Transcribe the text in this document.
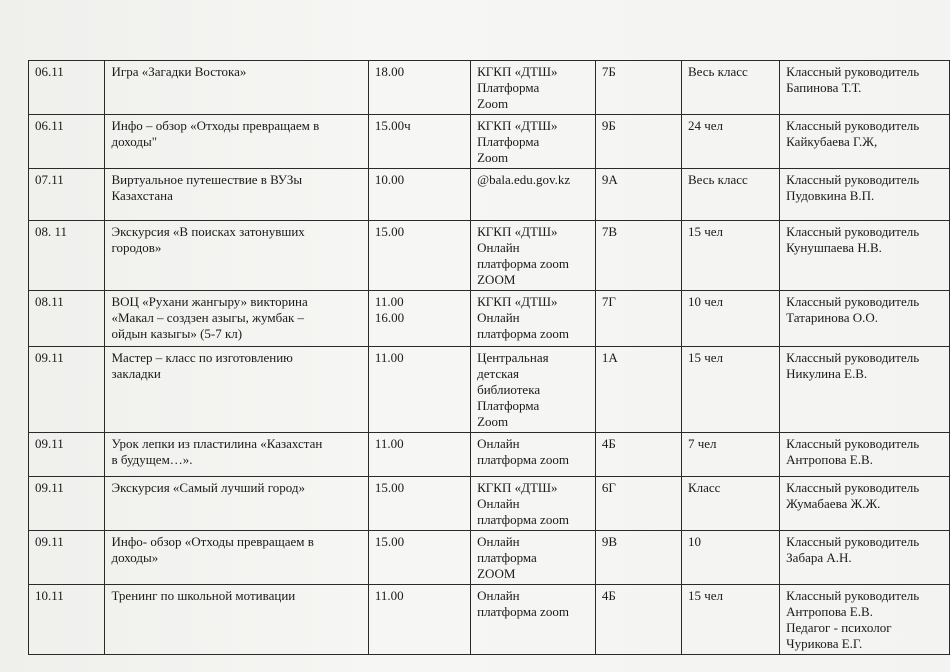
06.11	Игра «Загадки Востока»	18.00	КГКП «ДТШ»
Платформа
Zoom	7Б	Весь класс	Классный руководитель
Бапинова Т.Т.

06.11	Инфо – обзор «Отходы превращаем в
доходы"	15.00ч	КГКП «ДТШ»
Платформа
Zoom	9Б	24 чел	Классный руководитель
Кайкубаева Г.Ж,

07.11	Виртуальное путешествие в ВУЗы
Казахстана	10.00	@bala.edu.gov.kz	9А	Весь класс	Классный руководитель
Пудовкина В.П.

08. 11	Экскурсия «В поисках затонувших
городов»	15.00	КГКП «ДТШ»
Онлайн
платформа zoom
ZOOM	7В	15 чел	Классный руководитель
Кунушпаева Н.В.

08.11	ВОЦ «Рухани жангыру» викторина
«Макал – создзен азыгы, жумбак –
ойдын казыгы» (5-7 кл)	11.00
16.00	КГКП «ДТШ»
Онлайн
платформа zoom	7Г	10 чел	Классный руководитель
Татаринова О.О.

09.11	Мастер – класс по изготовлению
закладки	11.00	Центральная
детская
библиотека
Платформа
Zoom	1А	15 чел	Классный руководитель
Никулина Е.В.

09.11	Урок лепки из пластилина «Казахстан
в будущем…».	11.00	Онлайн
платформа zoom	4Б	7 чел	Классный руководитель
Антропова Е.В.

09.11	Экскурсия «Самый лучший город»	15.00	КГКП «ДТШ»
Онлайн
платформа zoom	6Г	Класс	Классный руководитель
Жумабаева Ж.Ж.

09.11	Инфо- обзор «Отходы превращаем в
доходы»	15.00	Онлайн
платформа
ZOOM	9В	10	Классный руководитель
Забара А.Н.

10.11	Тренинг по школьной мотивации	11.00	Онлайн
платформа zoom	4Б	15 чел	Классный руководитель
Антропова Е.В.
Педагог - психолог
Чурикова Е.Г.
